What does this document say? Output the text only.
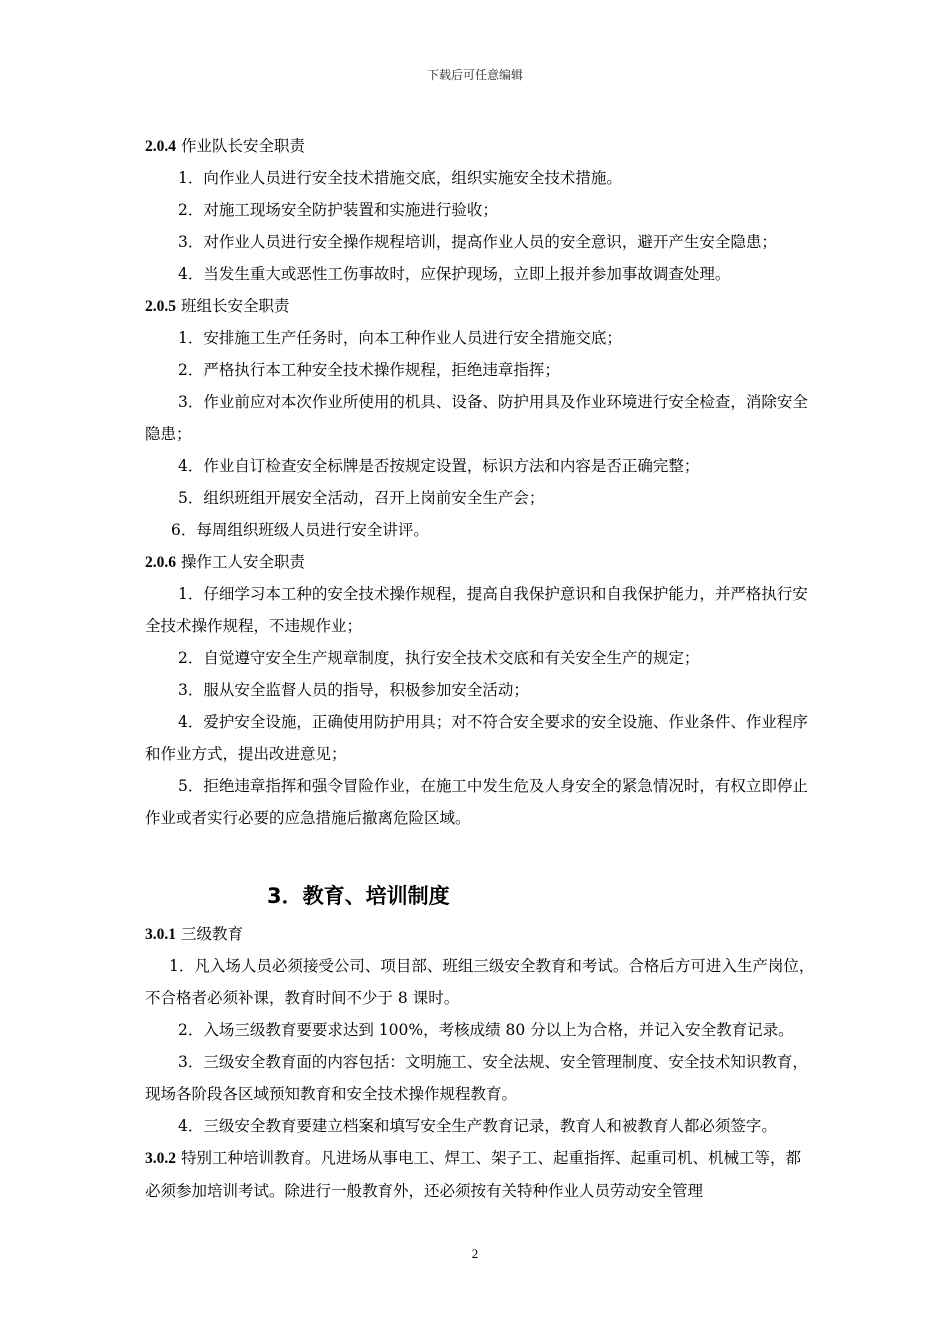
下载后可任意编辑
2.0.4 作业队长安全职责
1．向作业人员进行安全技术措施交底，组织实施安全技术措施。
2．对施工现场安全防护装置和实施进行验收；
3．对作业人员进行安全操作规程培训，提高作业人员的安全意识，避开产生安全隐患；
4．当发生重大或恶性工伤事故时，应保护现场，立即上报并参加事故调查处理。
2.0.5 班组长安全职责
1．安排施工生产任务时，向本工种作业人员进行安全措施交底；
2．严格执行本工种安全技术操作规程，拒绝违章指挥；
3．作业前应对本次作业所使用的机具、设备、防护用具及作业环境进行安全检查，消除安全隐患；
4．作业自订检查安全标牌是否按规定设置，标识方法和内容是否正确完整；
5．组织班组开展安全活动，召开上岗前安全生产会；
6．每周组织班级人员进行安全讲评。
2.0.6 操作工人安全职责
1．仔细学习本工种的安全技术操作规程，提高自我保护意识和自我保护能力，并严格执行安全技术操作规程，不违规作业；
2．自觉遵守安全生产规章制度，执行安全技术交底和有关安全生产的规定；
3．服从安全监督人员的指导，积极参加安全活动；
4．爱护安全设施，正确使用防护用具；对不符合安全要求的安全设施、作业条件、作业程序和作业方式，提出改进意见；
5．拒绝违章指挥和强令冒险作业，在施工中发生危及人身安全的紧急情况时，有权立即停止作业或者实行必要的应急措施后撤离危险区域。
3．教育、培训制度
3.0.1 三级教育
1．凡入场人员必须接受公司、项目部、班组三级安全教育和考试。合格后方可进入生产岗位，不合格者必须补课，教育时间不少于 8 课时。
2．入场三级教育要要求达到 100%，考核成绩 80 分以上为合格，并记入安全教育记录。
3．三级安全教育面的内容包括：文明施工、安全法规、安全管理制度、安全技术知识教育，现场各阶段各区域预知教育和安全技术操作规程教育。
4．三级安全教育要建立档案和填写安全生产教育记录，教育人和被教育人都必须签字。
3.0.2 特别工种培训教育。凡进场从事电工、焊工、架子工、起重指挥、起重司机、机械工等，都必须参加培训考试。除进行一般教育外，还必须按有关特种作业人员劳动安全管理
2
